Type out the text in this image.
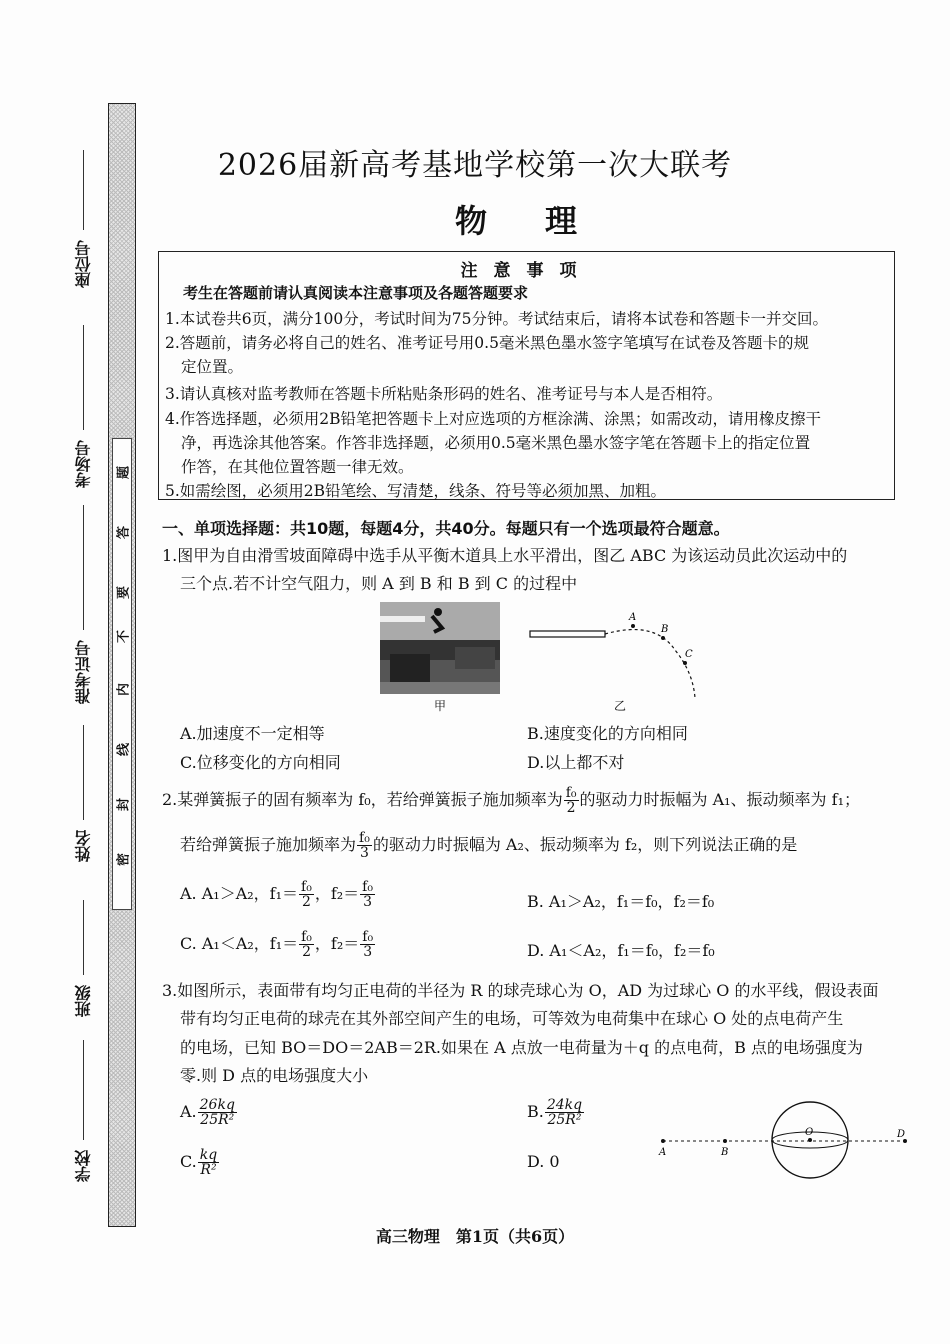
题
答
要
不
内
线
封
密
座位号
考场号
准考证号
姓名
班级
学校
2026届新高考基地学校第一次大联考
物理
注意事项
考生在答题前请认真阅读本注意事项及各题答题要求
1.本试卷共6页，满分100分，考试时间为75分钟。考试结束后，请将本试卷和答题卡一并交回。
2.答题前，请务必将自己的姓名、准考证号用0.5毫米黑色墨水签字笔填写在试卷及答题卡的规
定位置。
3.请认真核对监考教师在答题卡所粘贴条形码的姓名、准考证号与本人是否相符。
4.作答选择题，必须用2B铅笔把答题卡上对应选项的方框涂满、涂黑；如需改动，请用橡皮擦干
净，再选涂其他答案。作答非选择题，必须用0.5毫米黑色墨水签字笔在答题卡上的指定位置
作答，在其他位置答题一律无效。
5.如需绘图，必须用2B铅笔绘、写清楚，线条、符号等必须加黑、加粗。
一、单项选择题：共10题，每题4分，共40分。每题只有一个选项最符合题意。
1.图甲为自由滑雪坡面障碍中选手从平衡木道具上水平滑出，图乙 ABC 为该运动员此次运动中的
三个点.若不计空气阻力，则 A 到 B 和 B 到 C 的过程中
甲
A
B
C
乙
A.加速度不一定相等	B.速度变化的方向相同
C.位移变化的方向相同	D.以上都不对
2.某弹簧振子的固有频率为 f₀，若给弹簧振子施加频率为 $\frac{\text{f₀}}{2}$ 的驱动力时振幅为 A₁、振动频率为 f₁；
若给弹簧振子施加频率为 $\frac{\text{f₀}}{3}$ 的驱动力时振幅为 A₂、振动频率为 f₂，则下列说法正确的是
A. A₁＞A₂，$f_1= \frac{\text{f₀}}{2}$ ，$f_2= \frac{\text{f₀}}{3}$	B. A₁＞A₂，f₁＝f₀，f₂＝f₀
C. A₁＜A₂，$f_1= \frac{\text{f₀}}{2}$ ，$f_2= \frac{\text{f₀}}{3}$	D. A₁＜A₂，f₁＝f₀，f₂＝f₀
3.如图所示，表面带有均匀正电荷的半径为 R 的球壳球心为 O，AD 为过球心 O 的水平线，假设表面
带有均匀正电荷的球壳在其外部空间产生的电场，可等效为电荷集中在球心 O 处的点电荷产生
的电场，已知 BO＝DO＝2AB＝2R.如果在 A 点放一电荷量为＋q 的点电荷，B 点的电场强度为
零.则 D 点的电场强度大小
A. $\frac{26kq}{\text{25R²}}$	B. $\frac{24kq}{\text{25R²}}$
C. $\frac{kq}{\text{R²}}$	D. 0	A	B
O	D
高三物理　第1页（共6页）
